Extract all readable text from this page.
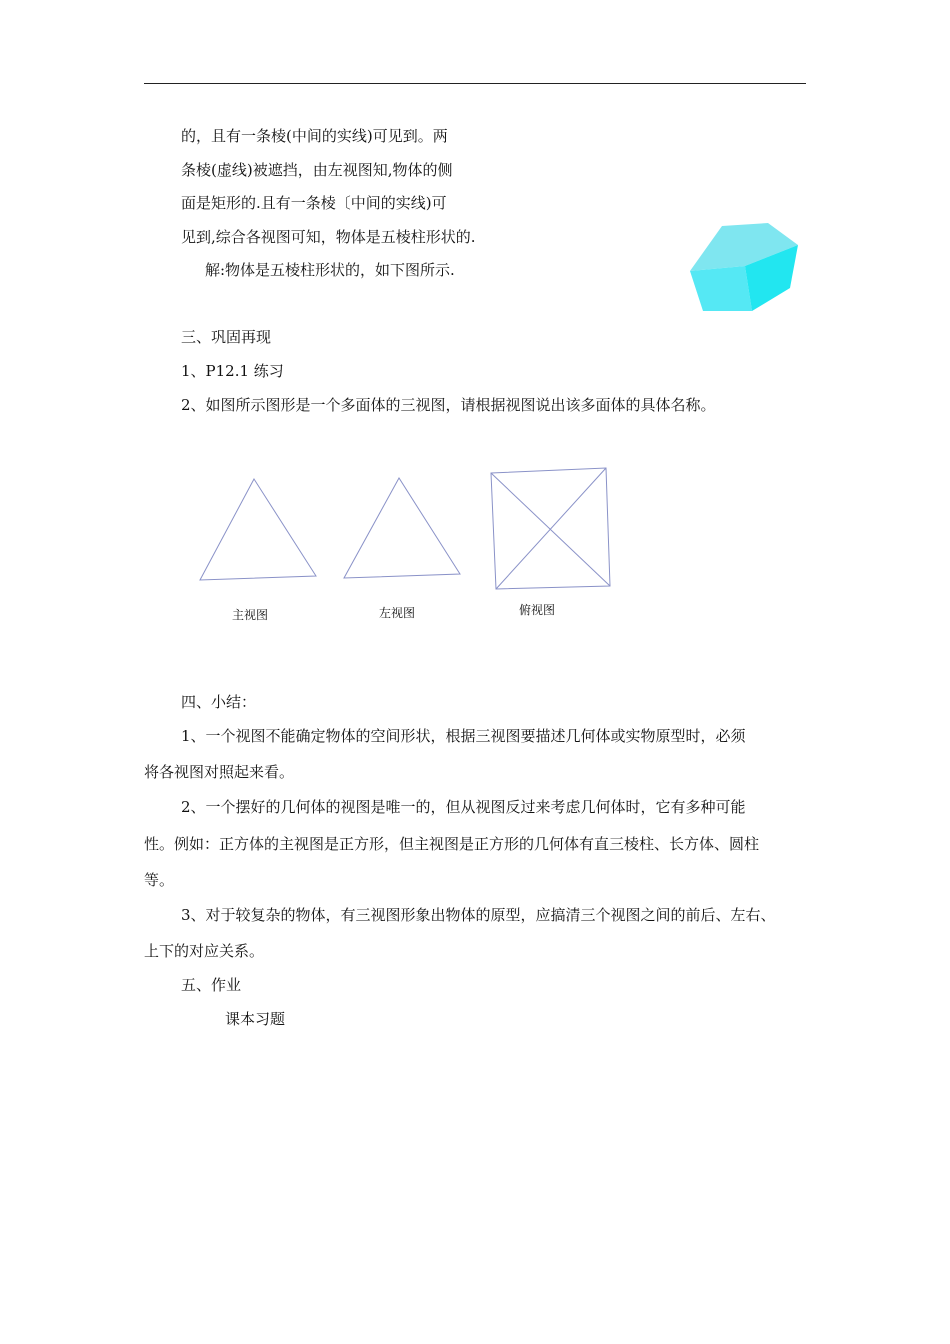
的，且有一条棱(中间的实线)可见到。两
条棱(虚线)被遮挡，由左视图知,物体的侧
面是矩形的.且有一条棱〔中间的实线)可
见到,综合各视图可知，物体是五棱柱形状的.
解:物体是五棱柱形状的，如下图所示.
三、巩固再现
1、P12.1 练习
2、如图所示图形是一个多面体的三视图，请根据视图说出该多面体的具体名称。
主视图	左视图	俯视图
四、小结：
1、一个视图不能确定物体的空间形状，根据三视图要描述几何体或实物原型时，必须
将各视图对照起来看。
2、一个摆好的几何体的视图是唯一的，但从视图反过来考虑几何体时，它有多种可能
性。例如：正方体的主视图是正方形，但主视图是正方形的几何体有直三棱柱、长方体、圆柱
等。
3、对于较复杂的物体，有三视图形象出物体的原型，应搞清三个视图之间的前后、左右、
上下的对应关系。
五、作业
课本习题
